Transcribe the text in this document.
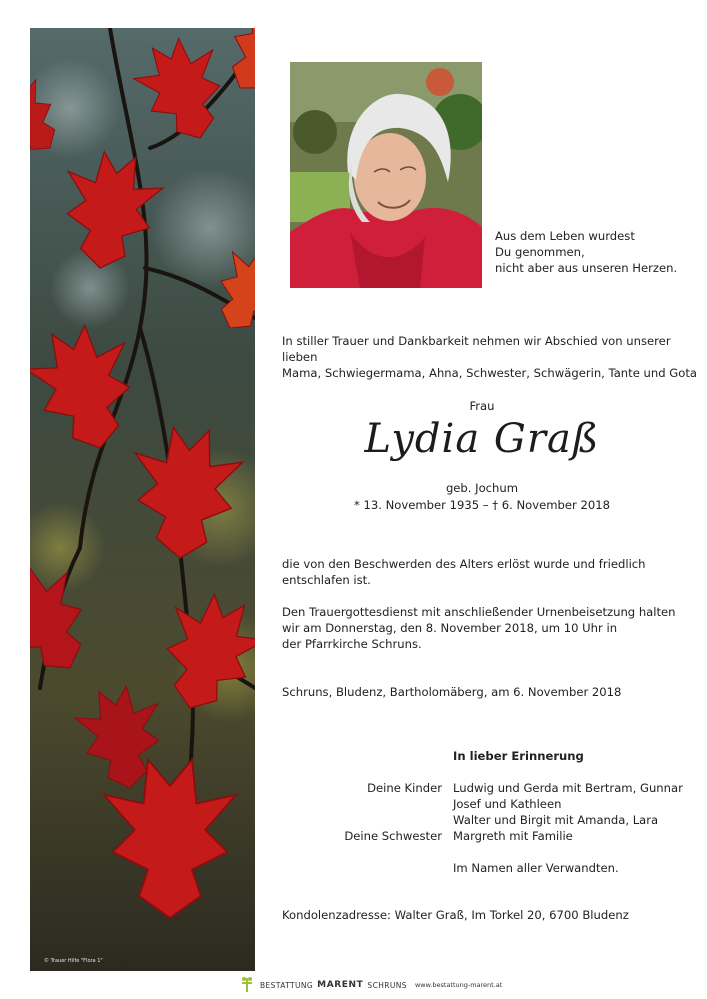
© Trauer Hilfe "Flora 1"
Aus dem Leben wurdest
Du genommen,
nicht aber aus unseren Herzen.
In stiller Trauer und Dankbarkeit nehmen wir Abschied von unserer lieben
Mama, Schwiegermama, Ahna, Schwester, Schwägerin, Tante und Gota
Frau
Lydia Graß
geb. Jochum
* 13. November 1935 – † 6. November 2018
die von den Beschwerden des Alters erlöst wurde und friedlich
entschlafen ist.
Den Trauergottesdienst mit anschließender Urnenbeisetzung halten
wir am Donnerstag, den 8. November 2018, um 10 Uhr in
der Pfarrkirche Schruns.
Schruns, Bludenz, Bartholomäberg, am 6. November 2018
In lieber Erinnerung
Deine Kinder Ludwig und Gerda mit Bertram, Gunnar
Josef und Kathleen
Walter und Birgit mit Amanda, Lara
Deine Schwester Margreth mit Familie
Im Namen aller Verwandten.
Kondolenzadresse: Walter Graß, Im Torkel 20, 6700 Bludenz
BESTATTUNG MARENT SCHRUNS www.bestattung-marent.at
